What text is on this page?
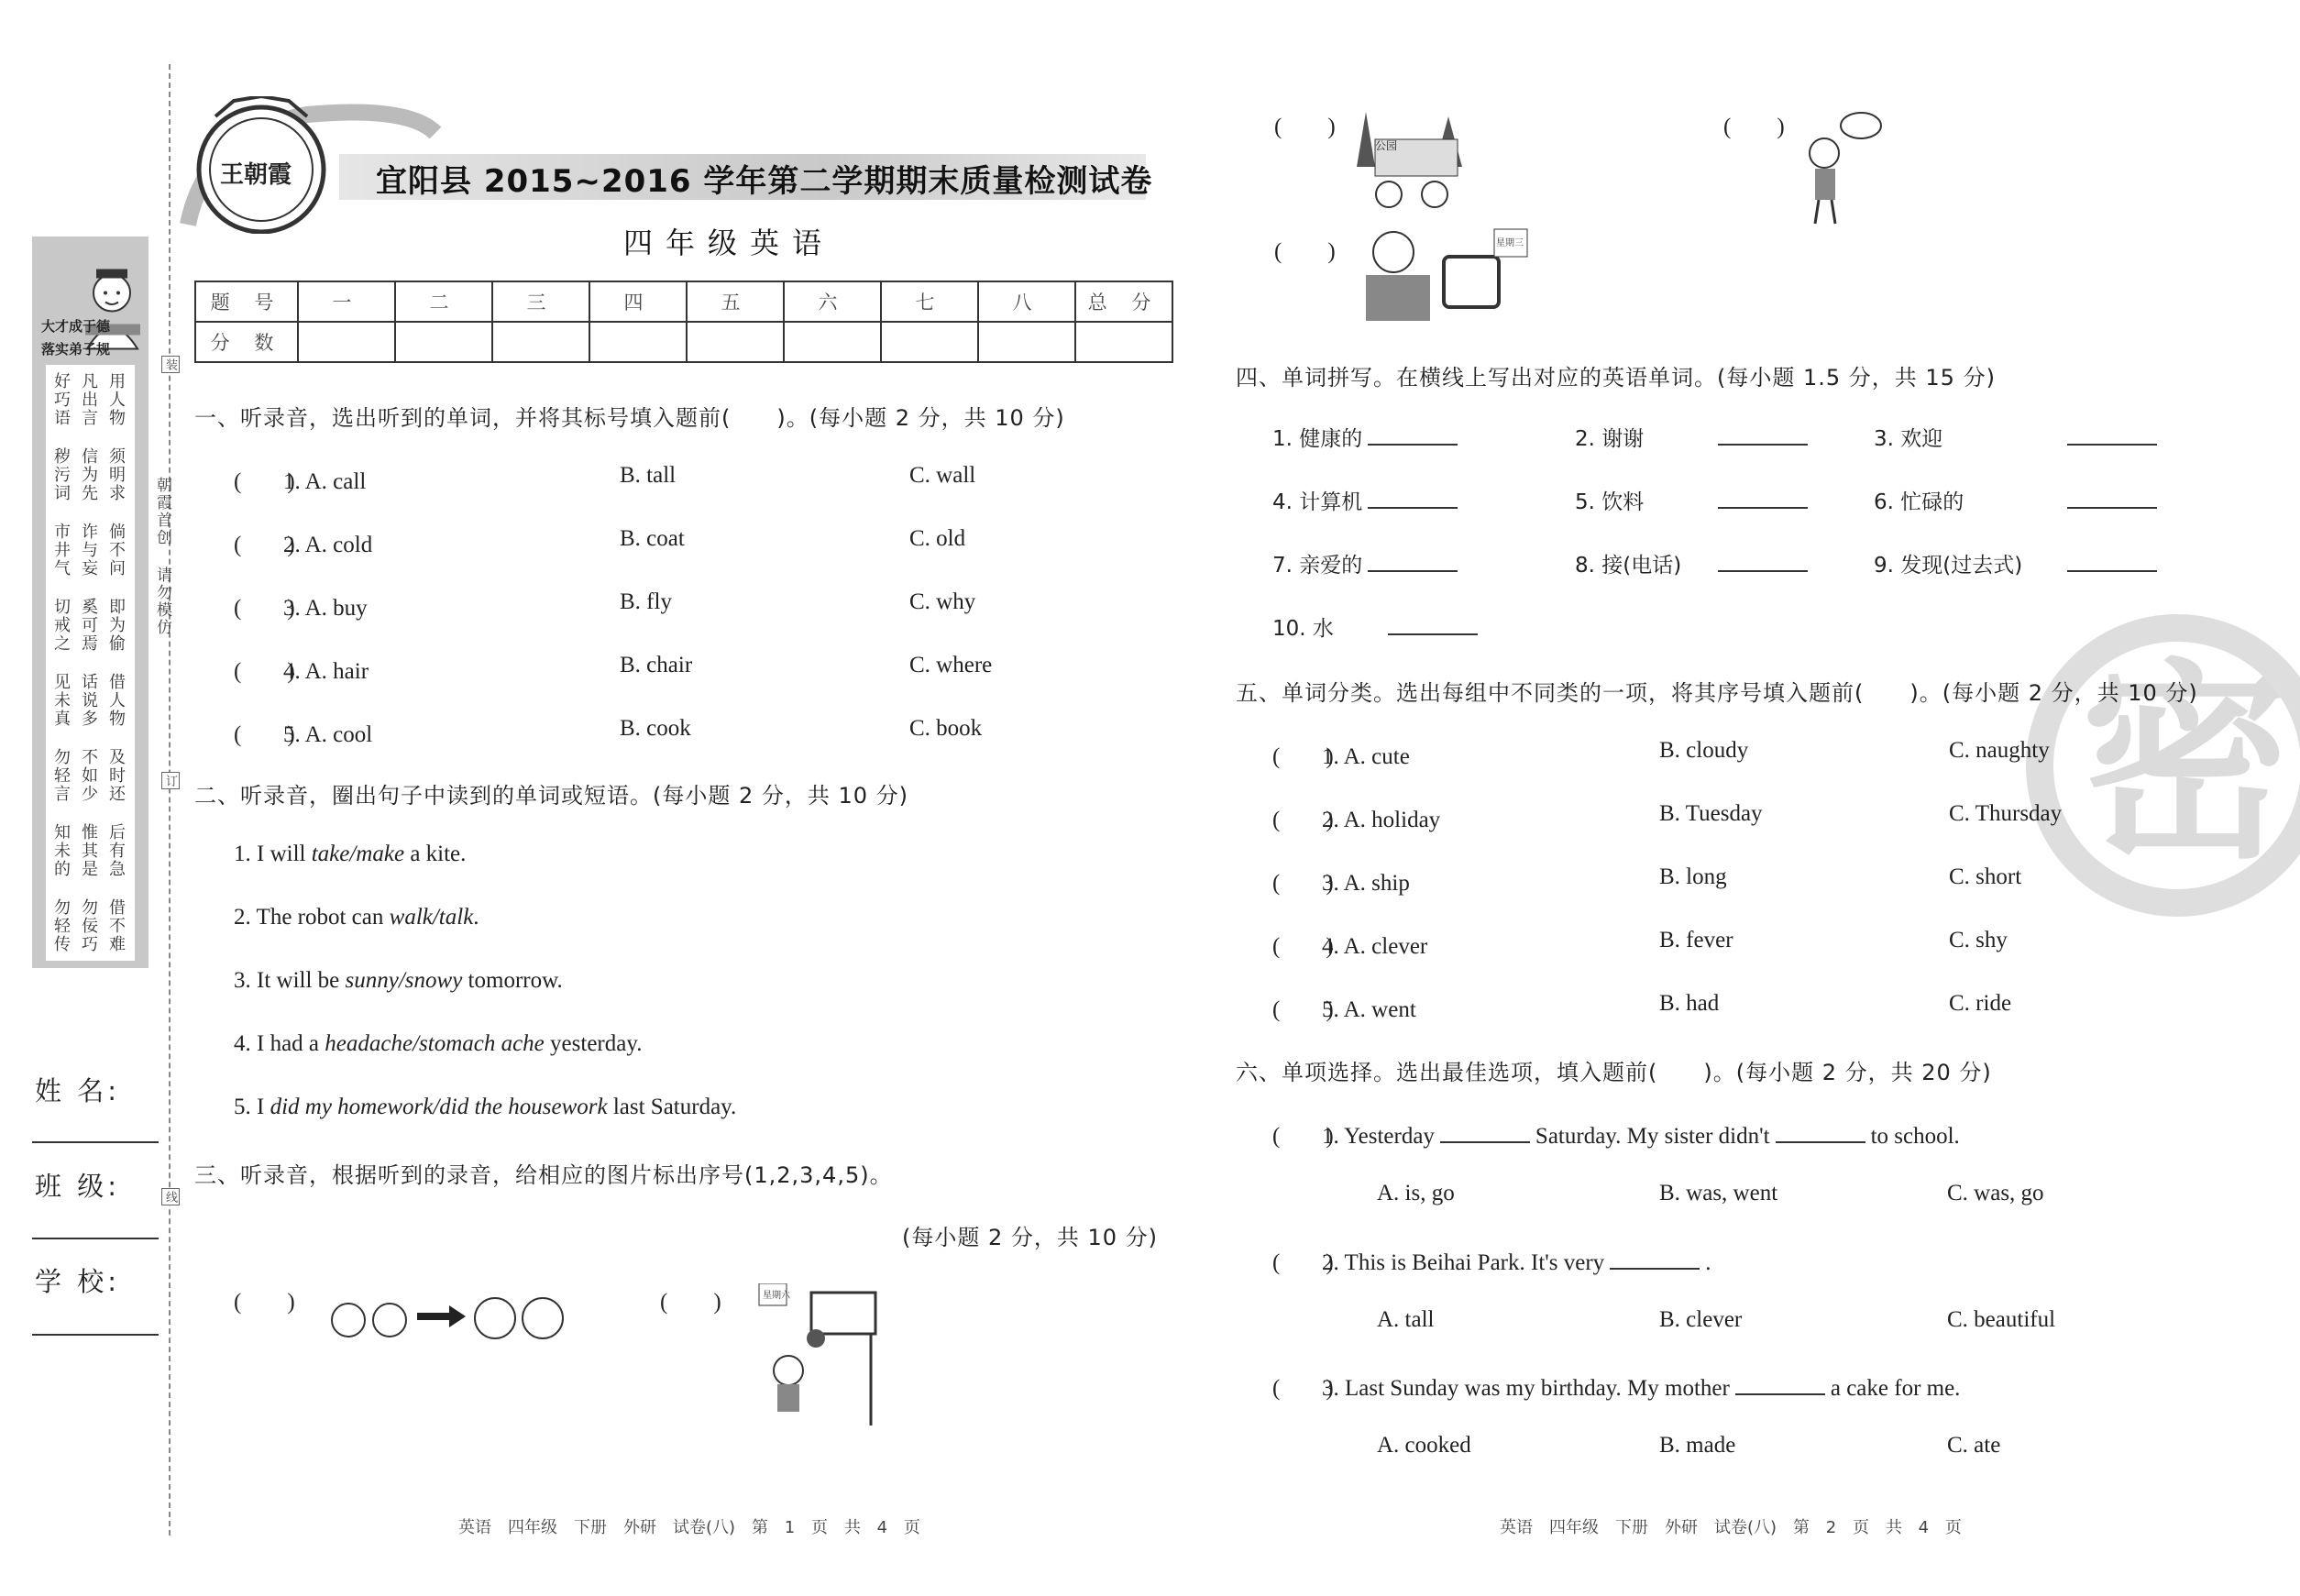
大才成于德
落实弟子规
好巧语 凡出言 用人物
秽污词 信为先 须明求
市井气 诈与妄 倘不问
切戒之 奚可焉 即为偷
见未真 话说多 借人物
勿轻言 不如少 及时还
知未的 惟其是 后有急
勿轻传 勿佞巧 借不难
朝霞首创 请勿模仿
装
订
线
姓 名:
班 级:
学 校:
王朝霞	宜阳县 2015~2016 学年第二学期期末质量检测试卷
四年级英语
题 号	一	二	三	四	五	六	七	八	总 分
分 数									
一、听录音，选出听到的单词，并将其标号填入题前(　　)。(每小题 2 分，共 10 分)
(　　)1. A. call	B. tall	C. wall
(　　)2. A. cold	B. coat	C. old
(　　)3. A. buy	B. fly	C. why
(　　)4. A. hair	B. chair	C. where
(　　)5. A. cool	B. cook	C. book
二、听录音，圈出句子中读到的单词或短语。(每小题 2 分，共 10 分)
1. I will take/make a kite.
2. The robot can walk/talk.
3. It will be sunny/snowy tomorrow.
4. I had a headache/stomach ache yesterday.
5. I did my homework/did the housework last Saturday.
三、听录音，根据听到的录音，给相应的图片标出序号(1,2,3,4,5)。
(每小题 2 分，共 10 分)
(　　)	(　　)	星期六
(　　)
公园
(　　)
(　　)	星期三
四、单词拼写。在横线上写出对应的英语单词。(每小题 1.5 分，共 15 分)
1. 健康的	2. 谢谢	3. 欢迎
4. 计算机	5. 饮料	6. 忙碌的
7. 亲爱的	8. 接(电话)	9. 发现(过去式)
10. 水
五、单词分类。选出每组中不同类的一项，将其序号填入题前(　　)。(每小题 2 分，共 10 分)
(　　)1. A. cute	B. cloudy	C. naughty
(　　)2. A. holiday	B. Tuesday	C. Thursday
(　　)3. A. ship	B. long	C. short
(　　)4. A. clever	B. fever	C. shy
(　　)5. A. went	B. had	C. ride
六、单项选择。选出最佳选项，填入题前(　　)。(每小题 2 分，共 20 分)
(　　)1. Yesterday	Saturday. My sister didn't	to school.
A. is, go	B. was, went	C. was, go
(　　)2. This is Beihai Park. It's very	.
A. tall	B. clever	C. beautiful
(　　)3. Last Sunday was my birthday. My mother	a cake for me.
A. cooked	B. made	C. ate
密
英语　四年级　下册　外研　试卷(八)　第 1 页　共 4 页	英语　四年级　下册　外研　试卷(八)　第 2 页　共 4 页
